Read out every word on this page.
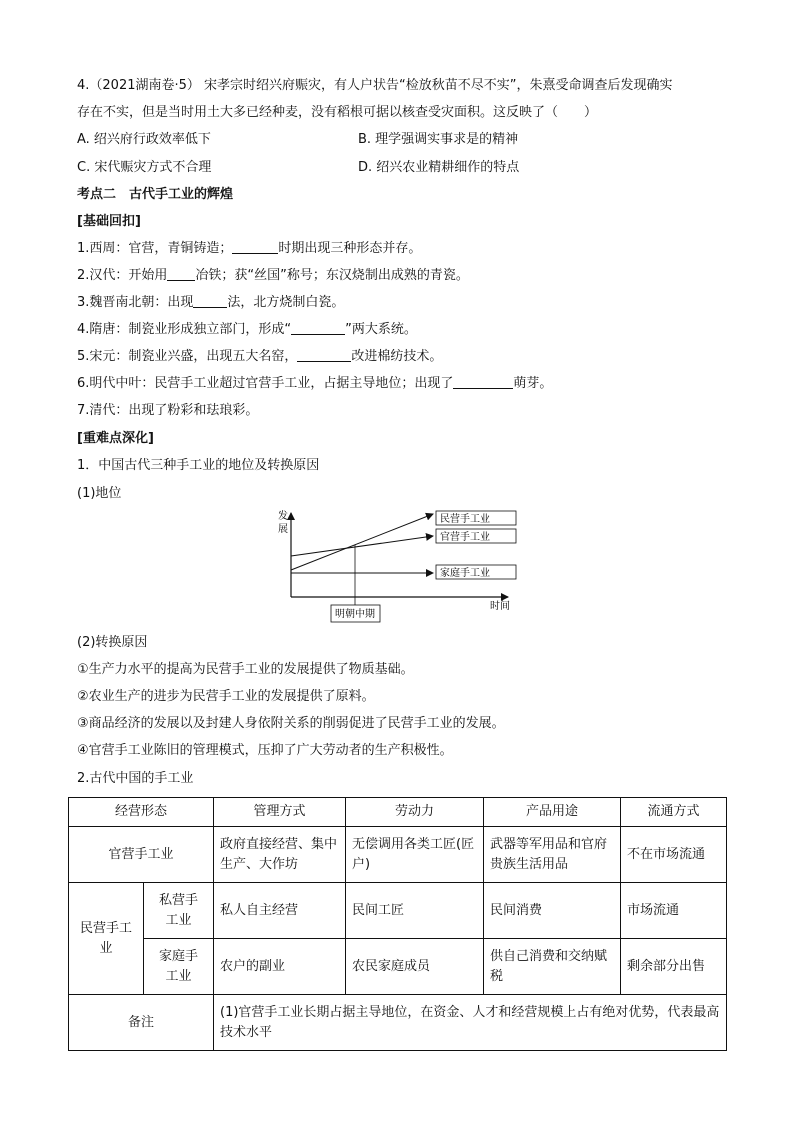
4.（2021湖南卷·5） 宋孝宗时绍兴府赈灾，有人户状告“检放秋苗不尽不实”，朱熹受命调查后发现确实
存在不实，但是当时用土大多已经种麦，没有稻根可据以核查受灾面积。这反映了（　　）
A. 绍兴府行政效率低下	B. 理学强调实事求是的精神
C. 宋代赈灾方式不合理	D. 绍兴农业精耕细作的特点
考点二　古代手工业的辉煌
[基础回扣]
1.西周：官营，青铜铸造；	时期出现三种形态并存。
2.汉代：开始用 冶铁；获“丝国”称号；东汉烧制出成熟的青瓷。
3.魏晋南北朝：出现	法，北方烧制白瓷。
4.隋唐：制瓷业形成独立部门，形成“	”两大系统。
5.宋元：制瓷业兴盛，出现五大名窑，	改进棉纺技术。
6.明代中叶：民营手工业超过官营手工业，占据主导地位；出现了	萌芽。
7.清代：出现了粉彩和珐琅彩。
[重难点深化]
1．中国古代三种手工业的地位及转换原因
(1)地位
发
展
时间
民营手工业
官营手工业
家庭手工业
明朝中期
(2)转换原因
①生产力水平的提高为民营手工业的发展提供了物质基础。
②农业生产的进步为民营手工业的发展提供了原料。
③商品经济的发展以及封建人身依附关系的削弱促进了民营手工业的发展。
④官营手工业陈旧的管理模式，压抑了广大劳动者的生产积极性。
2.古代中国的手工业
经营形态		管理方式	劳动力	产品用途	流通方式
官营手工业		政府直接经营、集中生产、大作坊	无偿调用各类工匠(匠户)	武器等军用品和官府贵族生活用品	不在市场流通
民营手工业	私营手工业	私人自主经营	民间工匠	民间消费	市场流通
	家庭手工业	农户的副业	农民家庭成员	供自己消费和交纳赋税	剩余部分出售
备注		(1)官营手工业长期占据主导地位，在资金、人才和经营规模上占有绝对优势，代表最高技术水平			
